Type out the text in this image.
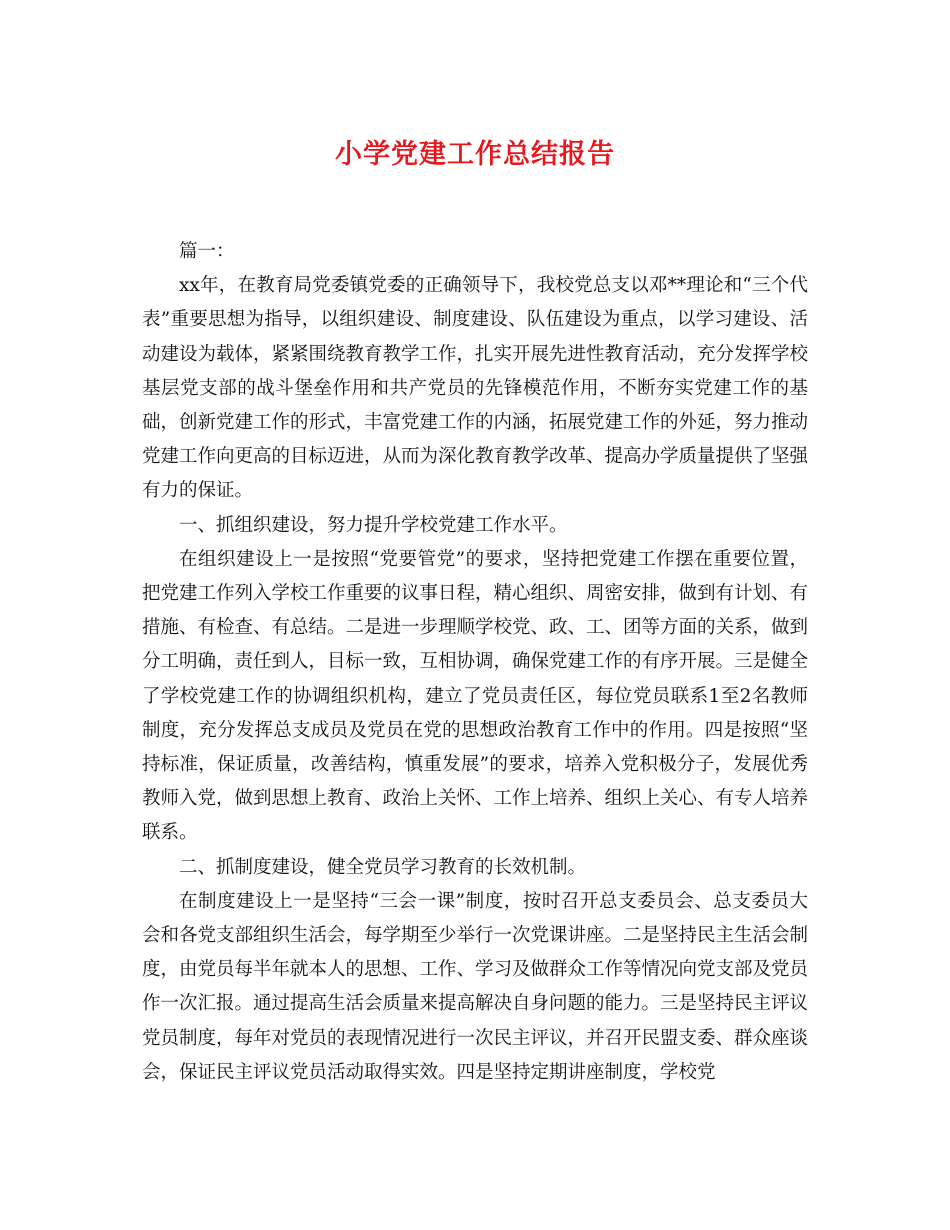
小学党建工作总结报告

篇一：

xx年，在教育局党委镇党委的正确领导下，我校党总支以邓**理论和“三个代表”重要思想为指导，以组织建设、制度建设、队伍建设为重点，以学习建设、活动建设为载体，紧紧围绕教育教学工作，扎实开展先进性教育活动，充分发挥学校基层党支部的战斗堡垒作用和共产党员的先锋模范作用，不断夯实党建工作的基础，创新党建工作的形式，丰富党建工作的内涵，拓展党建工作的外延，努力推动党建工作向更高的目标迈进，从而为深化教育教学改革、提高办学质量提供了坚强有力的保证。

一、抓组织建设，努力提升学校党建工作水平。

在组织建设上一是按照“党要管党”的要求，坚持把党建工作摆在重要位置，把党建工作列入学校工作重要的议事日程，精心组织、周密安排，做到有计划、有措施、有检查、有总结。二是进一步理顺学校党、政、工、团等方面的关系，做到分工明确，责任到人，目标一致，互相协调，确保党建工作的有序开展。三是健全了学校党建工作的协调组织机构，建立了党员责任区，每位党员联系1至2名教师制度，充分发挥总支成员及党员在党的思想政治教育工作中的作用。四是按照“坚持标准，保证质量，改善结构，慎重发展”的要求，培养入党积极分子，发展优秀教师入党，做到思想上教育、政治上关怀、工作上培养、组织上关心、有专人培养联系。

二、抓制度建设，健全党员学习教育的长效机制。

在制度建设上一是坚持“三会一课”制度，按时召开总支委员会、总支委员大会和各党支部组织生活会，每学期至少举行一次党课讲座。二是坚持民主生活会制度，由党员每半年就本人的思想、工作、学习及做群众工作等情况向党支部及党员作一次汇报。通过提高生活会质量来提高解决自身问题的能力。三是坚持民主评议党员制度，每年对党员的表现情况进行一次民主评议，并召开民盟支委、群众座谈会，保证民主评议党员活动取得实效。四是坚持定期讲座制度，学校党
